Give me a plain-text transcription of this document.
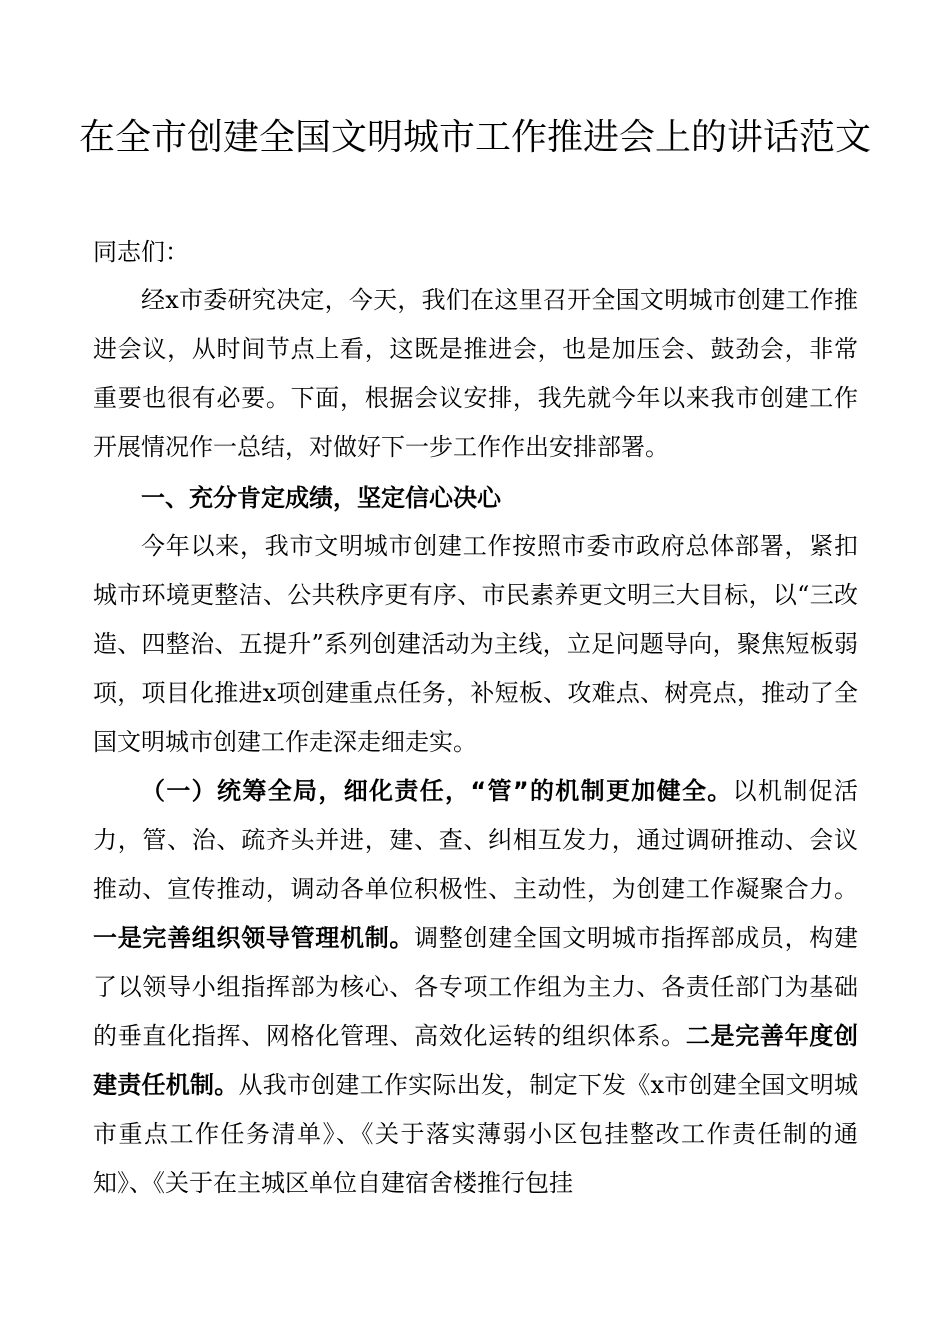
在全市创建全国文明城市工作推进会上的讲话范文

同志们：

经x市委研究决定，今天，我们在这里召开全国文明城市创建工作推进会议，从时间节点上看，这既是推进会，也是加压会、鼓劲会，非常重要也很有必要。下面，根据会议安排，我先就今年以来我市创建工作开展情况作一总结，对做好下一步工作作出安排部署。

一、充分肯定成绩，坚定信心决心

今年以来，我市文明城市创建工作按照市委市政府总体部署，紧扣城市环境更整洁、公共秩序更有序、市民素养更文明三大目标，以“三改造、四整治、五提升”系列创建活动为主线，立足问题导向，聚焦短板弱项，项目化推进x项创建重点任务，补短板、攻难点、树亮点，推动了全国文明城市创建工作走深走细走实。

（一）统筹全局，细化责任，“管”的机制更加健全。以机制促活力，管、治、疏齐头并进，建、查、纠相互发力，通过调研推动、会议推动、宣传推动，调动各单位积极性、主动性，为创建工作凝聚合力。一是完善组织领导管理机制。调整创建全国文明城市指挥部成员，构建了以领导小组指挥部为核心、各专项工作组为主力、各责任部门为基础的垂直化指挥、网格化管理、高效化运转的组织体系。二是完善年度创建责任机制。从我市创建工作实际出发，制定下发《x市创建全国文明城市重点工作任务清单》、《关于落实薄弱小区包挂整改工作责任制的通知》、《关于在主城区单位自建宿舍楼推行包挂
